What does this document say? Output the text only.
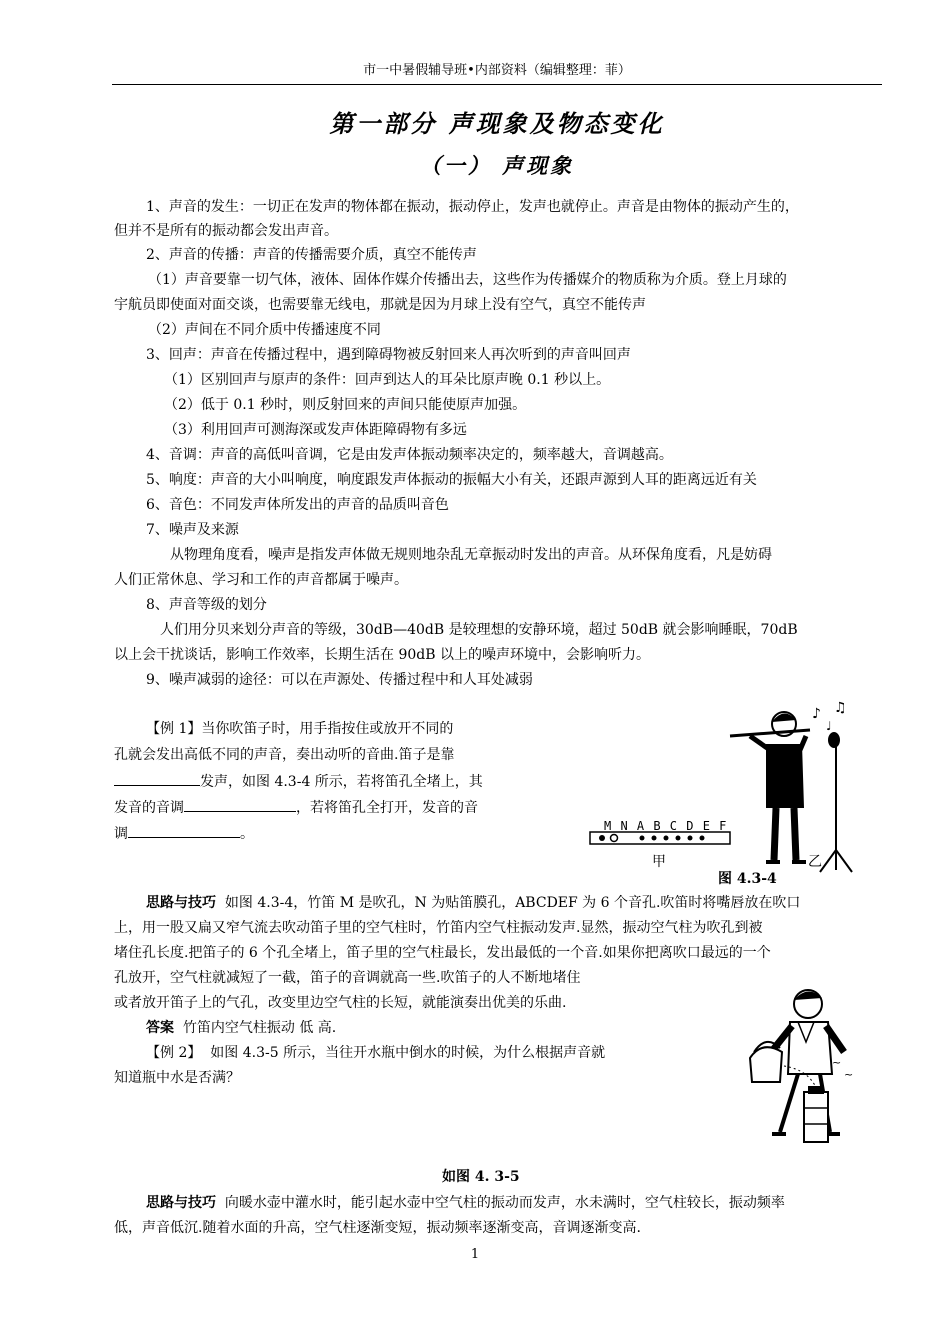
市一中暑假辅导班•内部资料（编辑整理：菲）
第一部分 声现象及物态变化
（一） 声现象
1、声音的发生：一切正在发声的物体都在振动，振动停止，发声也就停止。声音是由物体的振动产生的，
但并不是所有的振动都会发出声音。
2、声音的传播：声音的传播需要介质，真空不能传声
（1）声音要靠一切气体，液体、固体作媒介传播出去，这些作为传播媒介的物质称为介质。登上月球的
宇航员即使面对面交谈，也需要靠无线电，那就是因为月球上没有空气，真空不能传声
（2）声间在不同介质中传播速度不同
3、回声：声音在传播过程中，遇到障碍物被反射回来人再次听到的声音叫回声
（1）区别回声与原声的条件：回声到达人的耳朵比原声晚 0.1 秒以上。
（2）低于 0.1 秒时，则反射回来的声间只能使原声加强。
（3）利用回声可测海深或发声体距障碍物有多远
4、音调：声音的高低叫音调，它是由发声体振动频率决定的，频率越大，音调越高。
5、响度：声音的大小叫响度，响度跟发声体振动的振幅大小有关，还跟声源到人耳的距离远近有关
6、音色：不同发声体所发出的声音的品质叫音色
7、噪声及来源
从物理角度看，噪声是指发声体做无规则地杂乱无章振动时发出的声音。从环保角度看，凡是妨碍
人们正常休息、学习和工作的声音都属于噪声。
8、声音等级的划分
人们用分贝来划分声音的等级，30dB—40dB 是较理想的安静环境，超过 50dB 就会影响睡眠，70dB
以上会干扰谈话，影响工作效率，长期生活在 90dB 以上的噪声环境中，会影响听力。
9、噪声减弱的途径：可以在声源处、传播过程中和人耳处减弱
【例 1】当你吹笛子时，用手指按住或放开不同的
孔就会发出高低不同的声音，奏出动听的音曲.笛子是靠
发声，如图 4.3-4 所示，若将笛孔全堵上，其
发音的音调	，若将笛孔全打开，发音的音
调	。
♪ ♫
♩
M N A B C D E F
甲	乙
图 4.3-4
思路与技巧 如图 4.3-4，竹笛 M 是吹孔，N 为贴笛膜孔，ABCDEF 为 6 个音孔.吹笛时将嘴唇放在吹口
上，用一股又扁又窄气流去吹动笛子里的空气柱时，竹笛内空气柱振动发声.显然，振动空气柱为吹孔到被
堵住孔长度.把笛子的 6 个孔全堵上，笛子里的空气柱最长，发出最低的一个音.如果你把离吹口最远的一个
孔放开，空气柱就减短了一截，笛子的音调就高一些.吹笛子的人不断地堵住
或者放开笛子上的气孔，改变里边空气柱的长短，就能演奏出优美的乐曲.
答案 竹笛内空气柱振动 低 高.
【例 2】 如图 4.3-5 所示，当往开水瓶中倒水的时候，为什么根据声音就
知道瓶中水是否满？
~
~
如图 4. 3-5
思路与技巧 向暖水壶中灌水时，能引起水壶中空气柱的振动而发声，水未满时，空气柱较长，振动频率
低，声音低沉.随着水面的升高，空气柱逐渐变短，振动频率逐渐变高，音调逐渐变高.
1
